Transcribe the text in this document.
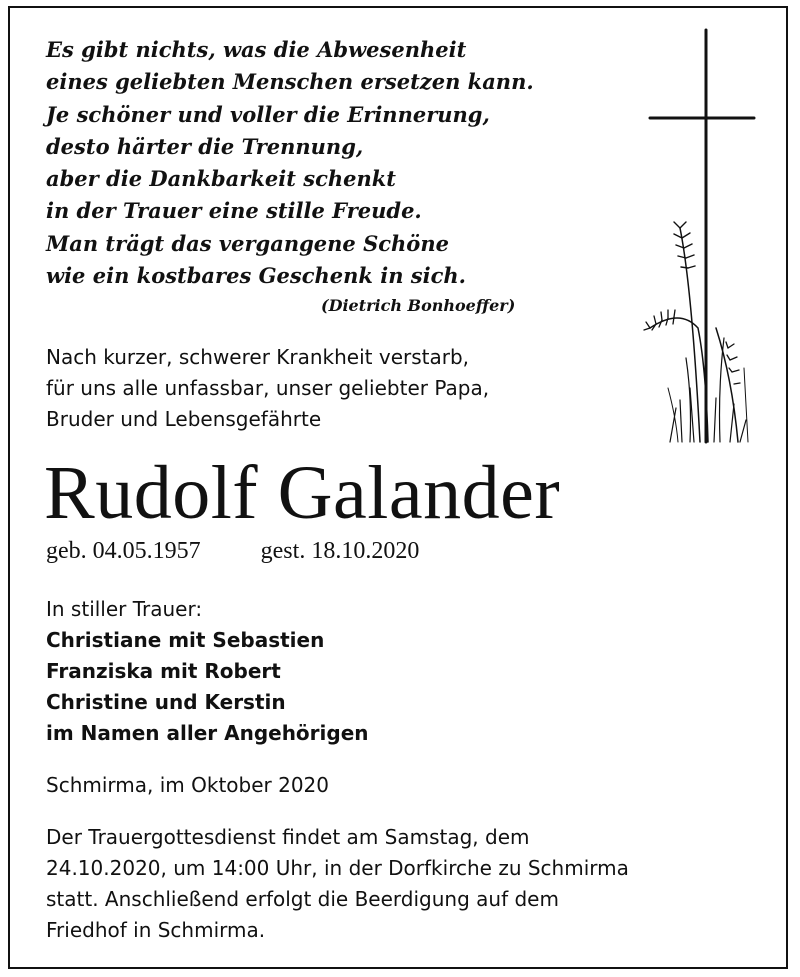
Es gibt nichts, was die Abwesenheit
eines geliebten Menschen ersetzen kann.
Je schöner und voller die Erinnerung,
desto härter die Trennung,
aber die Dankbarkeit schenkt
in der Trauer eine stille Freude.
Man trägt das vergangene Schöne
wie ein kostbares Geschenk in sich.
(Dietrich Bonhoeffer)
Nach kurzer, schwerer Krankheit verstarb,
für uns alle unfassbar, unser geliebter Papa,
Bruder und Lebensgefährte
Rudolf Galander
geb. 04.05.1957	gest. 18.10.2020
In stiller Trauer:
Christiane mit Sebastien
Franziska mit Robert
Christine und Kerstin
im Namen aller Angehörigen
Schmirma, im Oktober 2020
Der Trauergottesdienst findet am Samstag, dem
24.10.2020, um 14:00 Uhr, in der Dorfkirche zu Schmirma
statt. Anschließend erfolgt die Beerdigung auf dem
Friedhof in Schmirma.
